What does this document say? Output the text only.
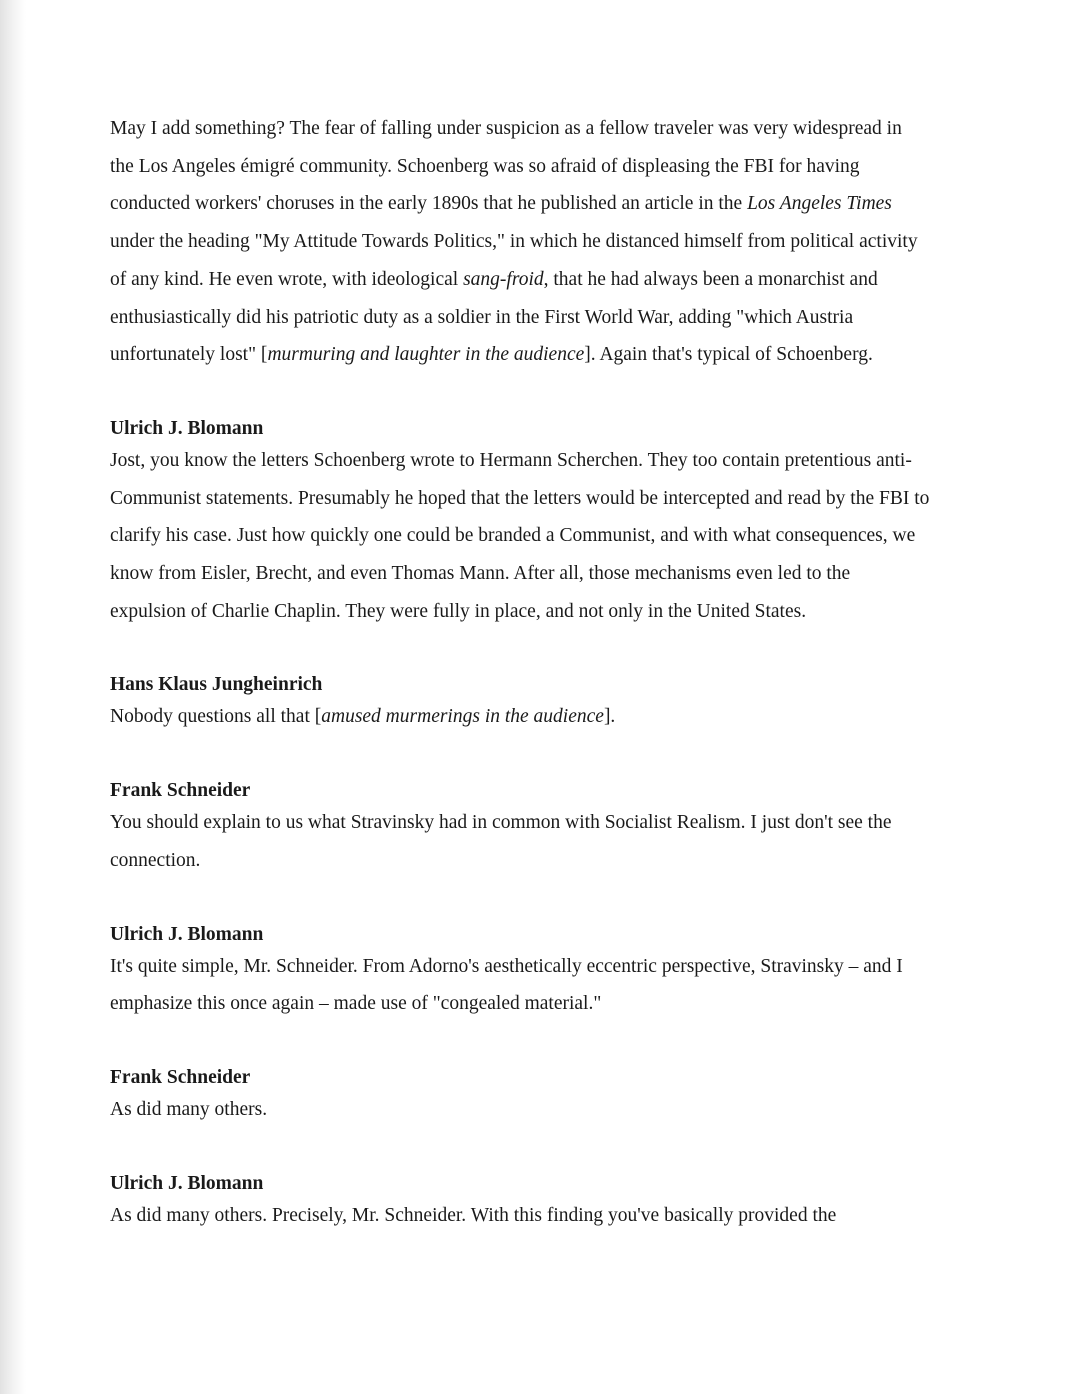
May I add something? The fear of falling under suspicion as a fellow traveler was very widespread in the Los Angeles émigré community. Schoenberg was so afraid of displeasing the FBI for having conducted workers' choruses in the early 1890s that he published an article in the Los Angeles Times under the heading "My Attitude Towards Politics," in which he distanced himself from political activity of any kind. He even wrote, with ideological sang-froid, that he had always been a monarchist and enthusiastically did his patriotic duty as a soldier in the First World War, adding "which Austria unfortunately lost" [murmuring and laughter in the audience]. Again that's typical of Schoenberg.

Ulrich J. Blomann

Jost, you know the letters Schoenberg wrote to Hermann Scherchen. They too contain pretentious anti-Communist statements. Presumably he hoped that the letters would be intercepted and read by the FBI to clarify his case. Just how quickly one could be branded a Communist, and with what consequences, we know from Eisler, Brecht, and even Thomas Mann. After all, those mechanisms even led to the expulsion of Charlie Chaplin. They were fully in place, and not only in the United States.

Hans Klaus Jungheinrich

Nobody questions all that [amused murmerings in the audience].

Frank Schneider

You should explain to us what Stravinsky had in common with Socialist Realism. I just don't see the connection.

Ulrich J. Blomann

It's quite simple, Mr. Schneider. From Adorno's aesthetically eccentric perspective, Stravinsky – and I emphasize this once again – made use of "congealed material."

Frank Schneider

As did many others.

Ulrich J. Blomann

As did many others. Precisely, Mr. Schneider. With this finding you've basically provided the
